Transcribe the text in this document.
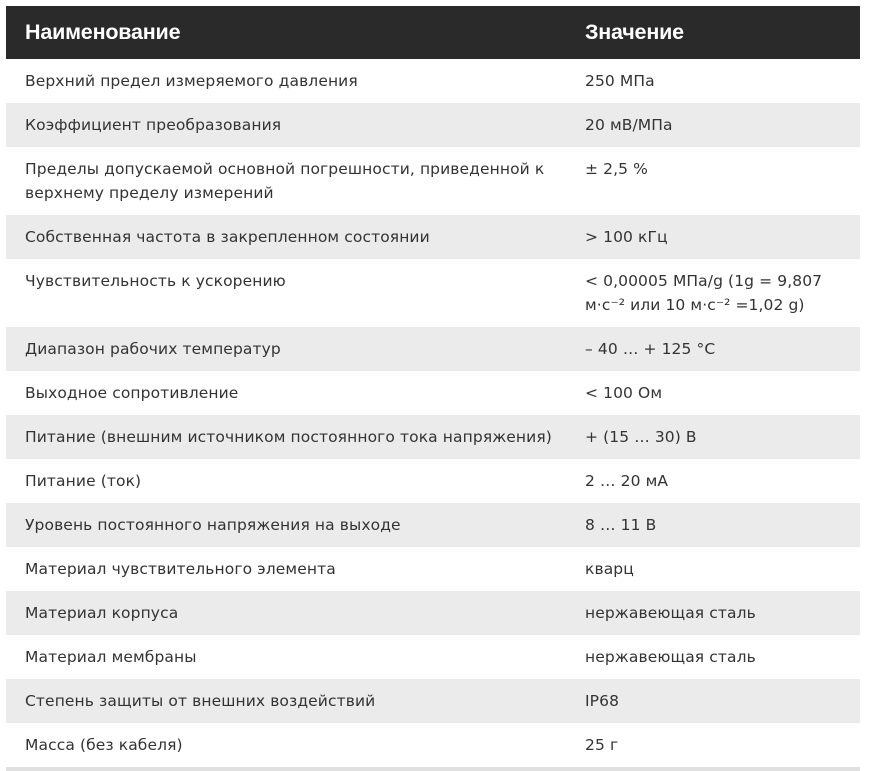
Наименование	Значение
Верхний предел измеряемого давления	250 МПа
Коэффициент преобразования	20 мВ/МПа
Пределы допускаемой основной погрешности, приведенной к верхнему пределу измерений	± 2,5 %
Собственная частота в закрепленном состоянии	> 100 кГц
Чувствительность к ускорению	< 0,00005 МПа/g (1g = 9,807 м·с⁻² или 10 м·с⁻² =1,02 g)
Диапазон рабочих температур	– 40 … + 125 °С
Выходное сопротивление	< 100 Ом
Питание (внешним источником постоянного тока напряжения)	+ (15 … 30) В
Питание (ток)	2 … 20 мА
Уровень постоянного напряжения на выходе	8 … 11 В
Материал чувствительного элемента	кварц
Материал корпуса	нержавеющая сталь
Материал мембраны	нержавеющая сталь
Степень защиты от внешних воздействий	IP68
Масса (без кабеля)	25 г
